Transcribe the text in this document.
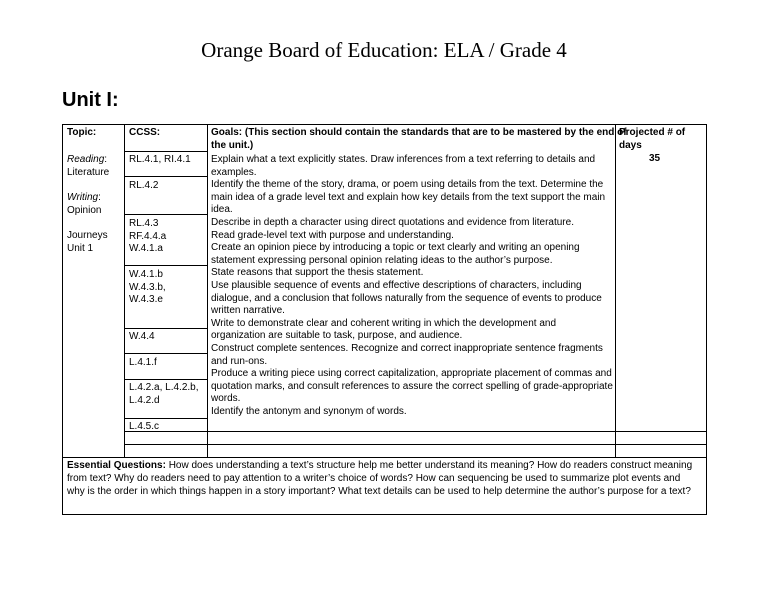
Orange Board of Education: ELA / Grade 4
Unit I:
Topic:	CCSS:	Goals: (This section should contain the standards that are to be mastered by the end of
the unit.)
Projected # of
days
35
Reading:
Literature
Writing:
Opinion
Journeys
Unit 1
RL.4.1, RI.4.1
RL.4.2
RL.4.3
RF.4.4.a
W.4.1.a
W.4.1.b
W.4.3.b,
W.4.3.e
W.4.4
L.4.1.f
L.4.2.a, L.4.2.b,
L.4.2.d
L.4.5.c
Explain what a text explicitly states. Draw inferences from a text referring to details and
examples.
Identify the theme of the story, drama, or poem using details from the text. Determine the
main idea of a grade level text and explain how key details from the text support the main
idea.
Describe in depth a character using direct quotations and evidence from literature.
Read grade-level text with purpose and understanding.
Create an opinion piece by introducing a topic or text clearly and writing an opening
statement expressing personal opinion relating ideas to the author’s purpose.
State reasons that support the thesis statement.
Use plausible sequence of events and effective descriptions of characters, including
dialogue, and a conclusion that follows naturally from the sequence of events to produce
written narrative.
Write to demonstrate clear and coherent writing in which the development and
organization are suitable to task, purpose, and audience.
Construct complete sentences. Recognize and correct inappropriate sentence fragments
and run-ons.
Produce a writing piece using correct capitalization, appropriate placement of commas and
quotation marks, and consult references to assure the correct spelling of grade-appropriate
words.
Identify the antonym and synonym of words.
Essential Questions: How does understanding a text’s structure help me better understand its meaning? How do readers construct meaning
from text? Why do readers need to pay attention to a writer’s choice of words? How can sequencing be used to summarize plot events and
why is the order in which things happen in a story important? What text details can be used to help determine the author’s purpose for a text?
